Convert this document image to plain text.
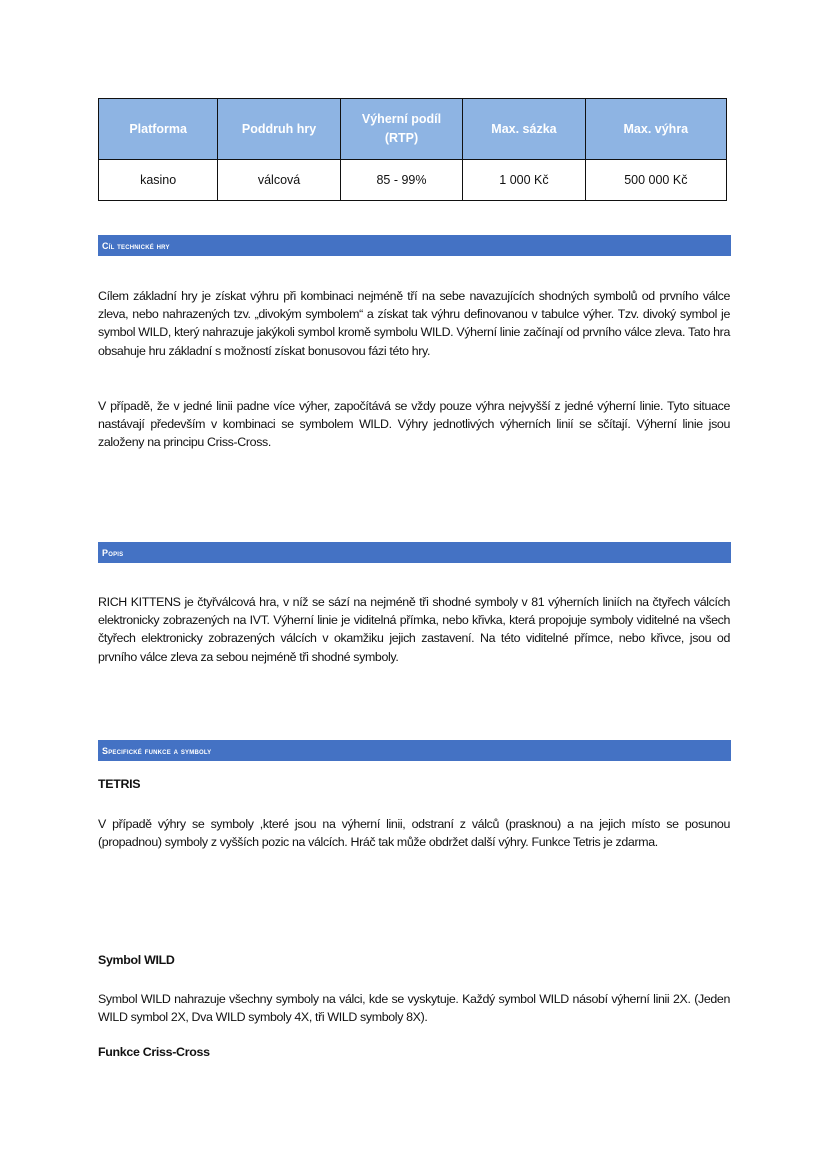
Platforma	Poddruh hry	Výherní podíl (RTP)	Max. sázka	Max. výhra
kasino	válcová	85 - 99%	1 000 Kč	500 000 Kč
Cíl technické hry

Cílem základní hry je získat výhru při kombinaci nejméně tří na sebe navazujících shodných symbolů od prvního válce zleva, nebo nahrazených tzv. „divokým symbolem“ a získat tak výhru definovanou v tabulce výher. Tzv. divoký symbol je symbol WILD, který nahrazuje jakýkoli symbol kromě symbolu WILD. Výherní linie začínají od prvního válce zleva. Tato hra obsahuje hru základní s možností získat bonusovou fázi této hry.

V případě, že v jedné linii padne více výher, započítává se vždy pouze výhra nejvyšší z jedné výherní linie. Tyto situace nastávají především v kombinaci se symbolem WILD. Výhry jednotlivých výherních linií se sčítají. Výherní linie jsou založeny na principu Criss-Cross.

Popis

RICH KITTENS je čtyřválcová hra, v níž se sází na nejméně tři shodné symboly v 81 výherních liniích na čtyřech válcích elektronicky zobrazených na IVT. Výherní linie je viditelná přímka, nebo křivka, která propojuje symboly viditelné na všech čtyřech elektronicky zobrazených válcích v okamžiku jejich zastavení. Na této viditelné přímce, nebo křivce, jsou od prvního válce zleva za sebou nejméně tři shodné symboly.

Specifické funkce a symboly

TETRIS

V případě výhry se symboly ,které jsou na výherní linii, odstraní z válců (prasknou) a na jejich místo se posunou (propadnou) symboly z vyšších pozic na válcích. Hráč tak může obdržet další výhry. Funkce Tetris je zdarma.

Symbol WILD

Symbol WILD nahrazuje všechny symboly na válci, kde se vyskytuje. Každý symbol WILD násobí výherní linii 2X. (Jeden WILD symbol 2X, Dva WILD symboly 4X, tři WILD symboly 8X).

Funkce Criss-Cross
